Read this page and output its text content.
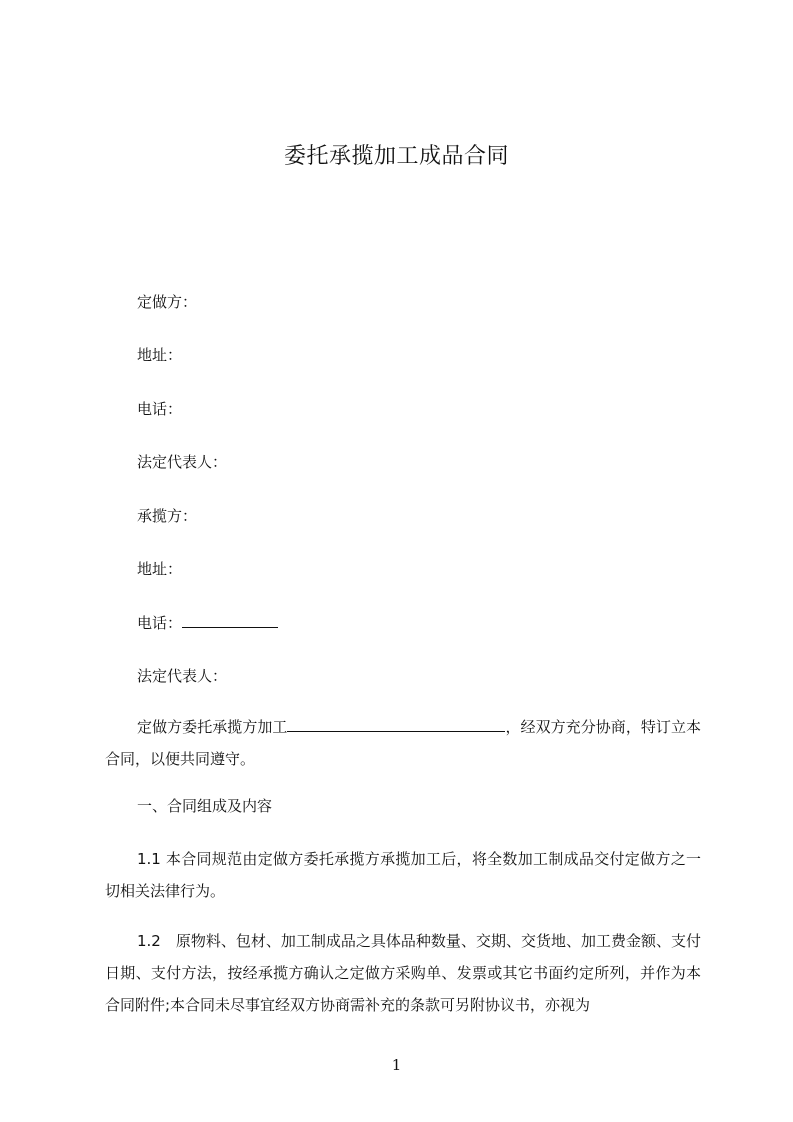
委托承揽加工成品合同
定做方：
地址：
电话：
法定代表人：
承揽方：
地址：
电话：
法定代表人：

定做方委托承揽方加工	，经双方充分协商，特订立本合同，以便共同遵守。

一、合同组成及内容

1.1 本合同规范由定做方委托承揽方承揽加工后，将全数加工制成品交付定做方之一切相关法律行为。

1.2　原物料、包材、加工制成品之具体品种数量、交期、交货地、加工费金额、支付日期、支付方法，按经承揽方确认之定做方采购单、发票或其它书面约定所列，并作为本合同附件;本合同未尽事宜经双方协商需补充的条款可另附协议书，亦视为

1
